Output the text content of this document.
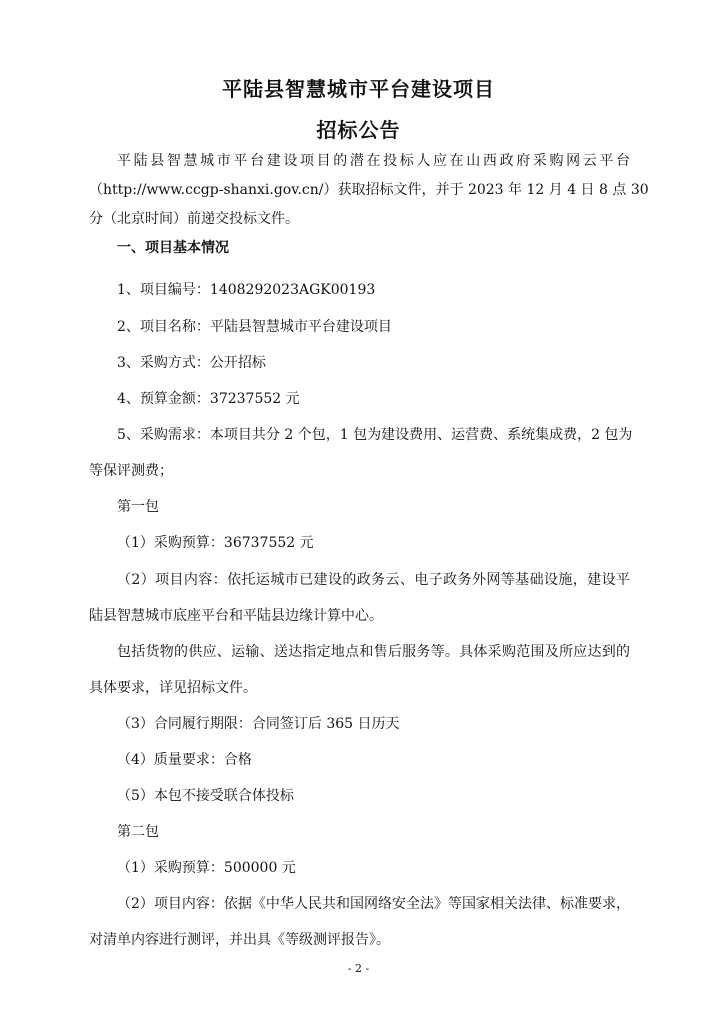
平陆县智慧城市平台建设项目
招标公告
平陆县智慧城市平台建设项目的潜在投标人应在山西政府采购网云平台
（http://www.ccgp-shanxi.gov.cn/）获取招标文件，并于 2023 年 12 月 4 日 8 点 30
分（北京时间）前递交投标文件。
一、项目基本情况
1、项目编号：1408292023AGK00193
2、项目名称：平陆县智慧城市平台建设项目
3、采购方式：公开招标
4、预算金额：37237552 元
5、采购需求：本项目共分 2 个包，1 包为建设费用、运营费、系统集成费，2 包为
等保评测费；
第一包
（1）采购预算：36737552 元
（2）项目内容：依托运城市已建设的政务云、电子政务外网等基础设施，建设平
陆县智慧城市底座平台和平陆县边缘计算中心。
包括货物的供应、运输、送达指定地点和售后服务等。具体采购范围及所应达到的
具体要求，详见招标文件。
（3）合同履行期限：合同签订后 365 日历天
（4）质量要求：合格
（5）本包不接受联合体投标
第二包
（1）采购预算：500000 元
（2）项目内容：依据《中华人民共和国网络安全法》等国家相关法律、标准要求，
对清单内容进行测评，并出具《等级测评报告》。
- 2 -
